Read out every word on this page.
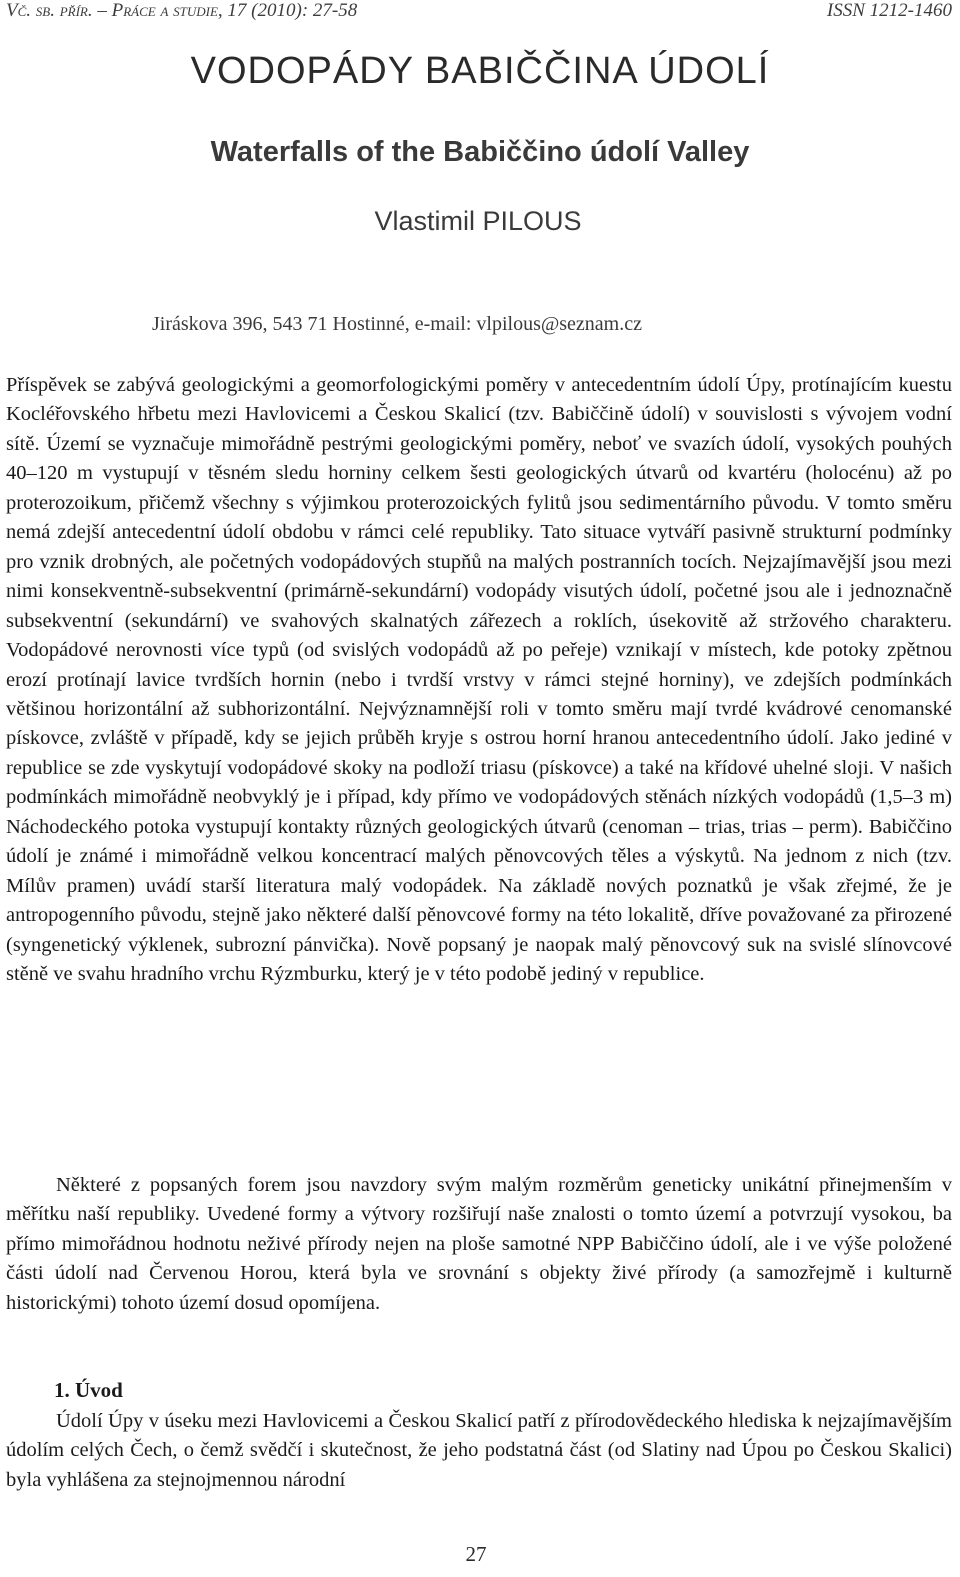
Vč. sb. přír. – Práce a studie, 17 (2010): 27-58	ISSN 1212-1460
VODOPÁDY BABIČČINA ÚDOLÍ
Waterfalls of the Babiččino údolí Valley
Vlastimil PILOUS
Jiráskova 396, 543 71 Hostinné, e-mail: vlpilous@seznam.cz

Příspěvek se zabývá geologickými a geomorfologickými poměry v antecedentním údolí Úpy, protínajícím kuestu Kocléřovského hřbetu mezi Havlovicemi a Českou Skalicí (tzv. Babiččině údolí) v souvislosti s vývojem vodní sítě. Území se vyznačuje mimořádně pestrými geologickými poměry, neboť ve svazích údolí, vysokých pouhých 40–120 m vystupují v těsném sledu horniny celkem šesti geologických útvarů od kvartéru (holocénu) až po proterozoikum, přičemž všechny s výjimkou proterozoických fylitů jsou sedimentárního původu. V tomto směru nemá zdejší antecedentní údolí obdobu v rámci celé republiky. Tato situace vytváří pasivně strukturní podmínky pro vznik drobných, ale početných vodopádových stupňů na malých postranních tocích. Nejzajímavější jsou mezi nimi konsekventně-subsekventní (primárně-sekundární) vodopády visutých údolí, početné jsou ale i jednoznačně subsekventní (sekundární) ve svahových skalnatých zářezech a roklích, úsekovitě až stržového charakteru. Vodopádové nerovnosti více typů (od svislých vodopádů až po peřeje) vznikají v místech, kde potoky zpětnou erozí protínají lavice tvrdších hornin (nebo i tvrdší vrstvy v rámci stejné horniny), ve zdejších podmínkách většinou horizontální až subhorizontální. Nejvýznamnější roli v tomto směru mají tvrdé kvádrové cenomanské pískovce, zvláště v případě, kdy se jejich průběh kryje s ostrou horní hranou antecedentního údolí. Jako jediné v republice se zde vyskytují vodopádové skoky na podloží triasu (pískovce) a také na křídové uhelné sloji. V našich podmínkách mimořádně neobvyklý je i případ, kdy přímo ve vodopádových stěnách nízkých vodopádů (1,5–3 m) Náchodeckého potoka vystupují kontakty různých geologických útvarů (cenoman – trias, trias – perm). Babiččino údolí je známé i mimořádně velkou koncentrací malých pěnovcových těles a výskytů. Na jednom z nich (tzv. Mílův pramen) uvádí starší literatura malý vodopádek. Na základě nových poznatků je však zřejmé, že je antropogenního původu, stejně jako některé další pěnovcové formy na této lokalitě, dříve považované za přirozené (syngenetický výklenek, subrozní pánvička). Nově popsaný je naopak malý pěnovcový suk na svislé slínovcové stěně ve svahu hradního vrchu Rýzmburku, který je v této podobě jediný v republice.

Některé z popsaných forem jsou navzdory svým malým rozměrům geneticky unikátní přinejmenším v měřítku naší republiky. Uvedené formy a výtvory rozšiřují naše znalosti o tomto území a potvrzují vysokou, ba přímo mimořádnou hodnotu neživé přírody nejen na ploše samotné NPP Babiččino údolí, ale i ve výše položené části údolí nad Červenou Horou, která byla ve srovnání s objekty živé přírody (a samozřejmě i kulturně historickými) tohoto území dosud opomíjena.

1. Úvod

Údolí Úpy v úseku mezi Havlovicemi a Českou Skalicí patří z přírodovědeckého hlediska k nejzajímavějším údolím celých Čech, o čemž svědčí i skutečnost, že jeho podstatná část (od Slatiny nad Úpou po Českou Skalici) byla vyhlášena za stejnojmennou národní

27
